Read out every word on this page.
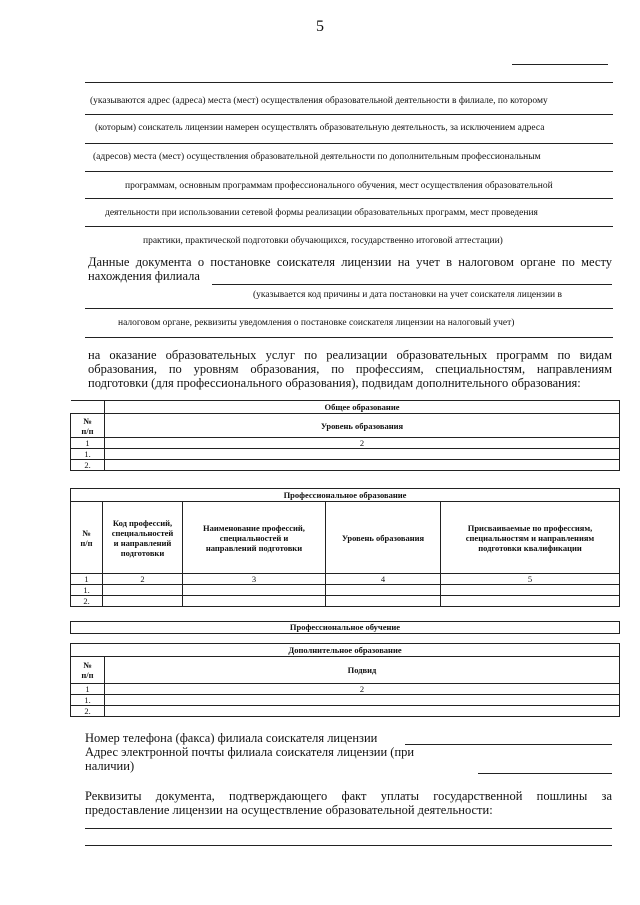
5
(указываются адрес (адреса) места (мест) осуществления образовательной деятельности в филиале, по которому
(которым) соискатель лицензии намерен осуществлять образовательную деятельность, за исключением адреса
(адресов) места (мест) осуществления образовательной деятельности по дополнительным профессиональным
программам, основным программам профессионального обучения, мест осуществления образовательной
деятельности при использовании сетевой формы реализации образовательных программ, мест проведения
практики, практической подготовки обучающихся, государственно итоговой аттестации)
Данные документа о постановке соискателя лицензии на учет в налоговом органе по месту
нахождения филиала
(указывается код причины и дата постановки на учет соискателя лицензии в
налоговом органе, реквизиты уведомления о постановке соискателя лицензии на налоговый учет)
на оказание образовательных услуг по реализации образовательных программ по видам
образования, по уровням образования, по профессиям, специальностям, направлениям
подготовки (для профессионального образования), подвидам дополнительного образования:
	Общее образование
№
п/п	Уровень образования
1	2
1.	
2.	
Профессиональное образование				
№
п/п	Код профессий,
специальностей
и направлений
подготовки	Наименование профессий,
специальностей и
направлений подготовки	Уровень образования	Присваиваемые по профессиям,
специальностям и направлениям
подготовки квалификации
1	2	3	4	5
1.				
2.				
Профессиональное обучение
Дополнительное образование	
№
п/п	Подвид
1	2
1.	
2.	
Номер телефона (факса) филиала соискателя лицензии
Адрес электронной почты филиала соискателя лицензии (при
наличии)
Реквизиты документа, подтверждающего факт уплаты государственной пошлины за
предоставление лицензии на осуществление образовательной деятельности:
